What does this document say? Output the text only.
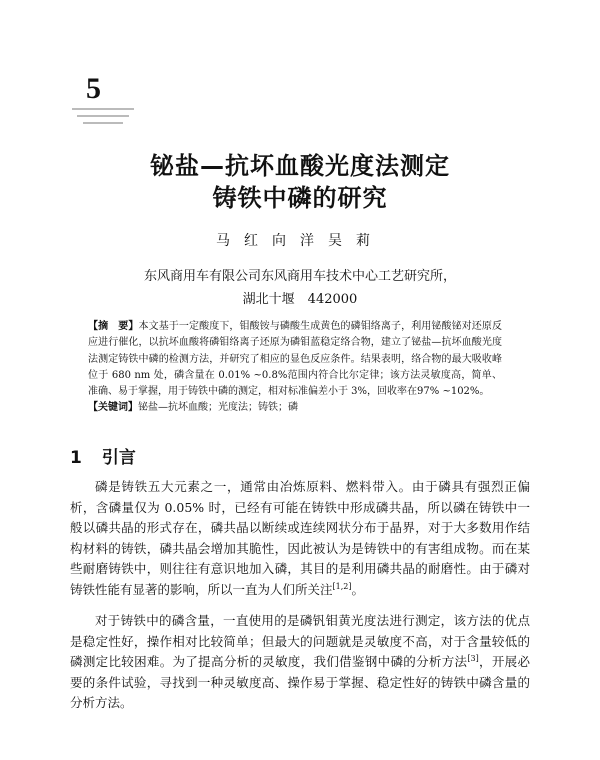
5
铋盐—抗坏血酸光度法测定
铸铁中磷的研究
马红向洋吴莉
东风商用车有限公司东风商用车技术中心工艺研究所，
湖北十堰　442000
【摘　要】本文基于一定酸度下，钼酸铵与磷酸生成黄色的磷钼络离子，利用铋酸铋对还原反应进行催化，以抗坏血酸将磷钼络离子还原为磷钼蓝稳定络合物，建立了铋盐—抗坏血酸光度法测定铸铁中磷的检测方法，并研究了相应的显色反应条件。结果表明，络合物的最大吸收峰位于 680 nm 处，磷含量在 0.01% ~0.8%范围内符合比尔定律；该方法灵敏度高，简单、准确、易于掌握，用于铸铁中磷的测定，相对标准偏差小于 3%，回收率在97% ~102%。
【关键词】铋盐—抗坏血酸；光度法；铸铁；磷
1 引言
磷是铸铁五大元素之一，通常由冶炼原料、燃料带入。由于磷具有强烈正偏析，含磷量仅为 0.05% 时，已经有可能在铸铁中形成磷共晶，所以磷在铸铁中一般以磷共晶的形式存在，磷共晶以断续或连续网状分布于晶界，对于大多数用作结构材料的铸铁，磷共晶会增加其脆性，因此被认为是铸铁中的有害组成物。而在某些耐磨铸铁中，则往往有意识地加入磷，其目的是利用磷共晶的耐磨性。由于磷对铸铁性能有显著的影响，所以一直为人们所关注[1,2]。
对于铸铁中的磷含量，一直使用的是磷钒钼黄光度法进行测定，该方法的优点是稳定性好，操作相对比较简单；但最大的问题就是灵敏度不高，对于含量较低的磷测定比较困难。为了提高分析的灵敏度，我们借鉴钢中磷的分析方法[3]，开展必要的条件试验，寻找到一种灵敏度高、操作易于掌握、稳定性好的铸铁中磷含量的分析方法。
